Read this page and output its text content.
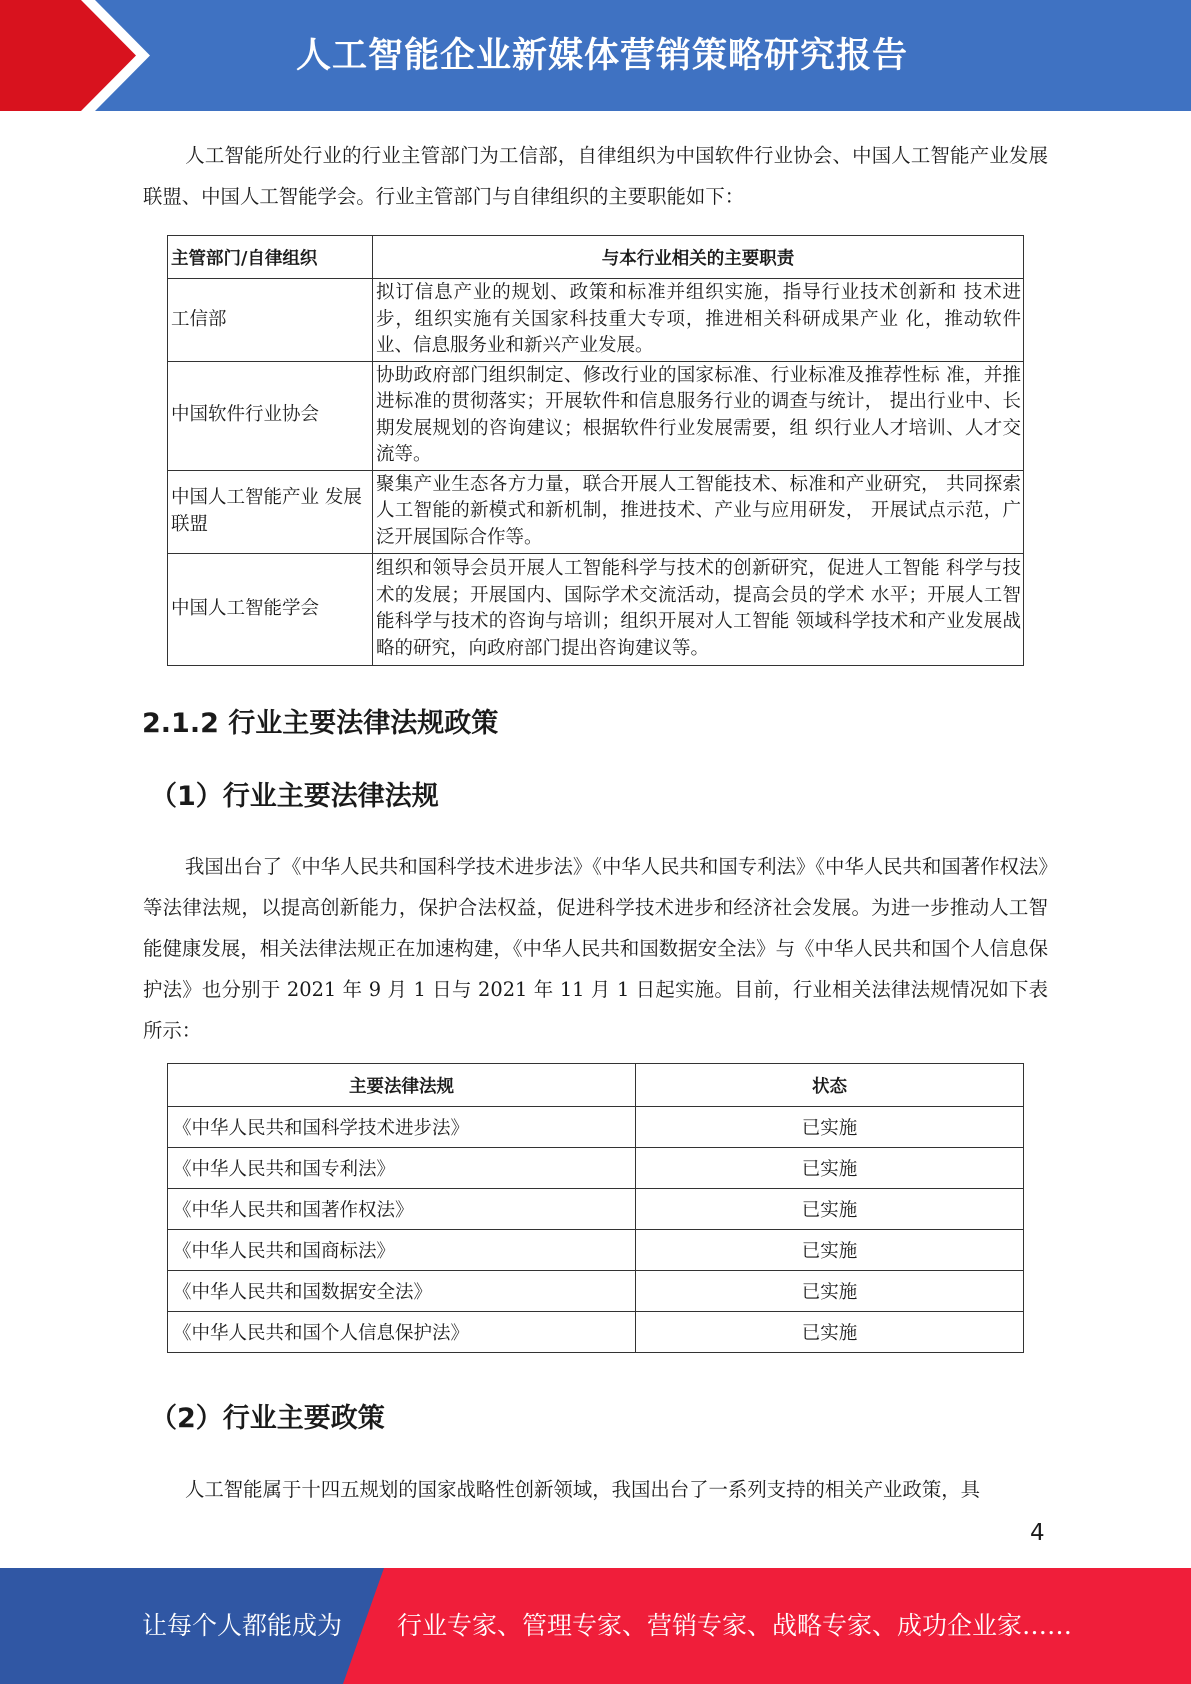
人工智能企业新媒体营销策略研究报告

人工智能所处行业的行业主管部门为工信部，自律组织为中国软件行业协会、中国人工智能产业发展联盟、中国人工智能学会。行业主管部门与自律组织的主要职能如下：

主管部门/自律组织	与本行业相关的主要职责
工信部	拟订信息产业的规划、政策和标准并组织实施，指导行业技术创新和 技术进步，组织实施有关国家科技重大专项，推进相关科研成果产业 化，推动软件业、信息服务业和新兴产业发展。
中国软件行业协会	协助政府部门组织制定、修改行业的国家标准、行业标准及推荐性标 准，并推进标准的贯彻落实；开展软件和信息服务行业的调查与统计， 提出行业中、长期发展规划的咨询建议；根据软件行业发展需要，组 织行业人才培训、人才交流等。
中国人工智能产业 发展联盟	聚集产业生态各方力量，联合开展人工智能技术、标准和产业研究， 共同探索人工智能的新模式和新机制，推进技术、产业与应用研发， 开展试点示范，广泛开展国际合作等。
中国人工智能学会	组织和领导会员开展人工智能科学与技术的创新研究，促进人工智能 科学与技术的发展；开展国内、国际学术交流活动，提高会员的学术 水平；开展人工智能科学与技术的咨询与培训；组织开展对人工智能 领域科学技术和产业发展战略的研究，向政府部门提出咨询建议等。
2.1.2 行业主要法律法规政策
（1）行业主要法律法规

我国出台了《中华人民共和国科学技术进步法》《中华人民共和国专利法》《中华人民共和国著作权法》等法律法规，以提高创新能力，保护合法权益，促进科学技术进步和经济社会发展。为进一步推动人工智能健康发展，相关法律法规正在加速构建，《中华人民共和国数据安全法》与《中华人民共和国个人信息保护法》也分别于 2021 年 9 月 1 日与 2021 年 11 月 1 日起实施。目前，行业相关法律法规情况如下表所示：

主要法律法规	状态
《中华人民共和国科学技术进步法》	已实施
《中华人民共和国专利法》	已实施
《中华人民共和国著作权法》	已实施
《中华人民共和国商标法》	已实施
《中华人民共和国数据安全法》	已实施
《中华人民共和国个人信息保护法》	已实施
（2）行业主要政策

人工智能属于十四五规划的国家战略性创新领域，我国出台了一系列支持的相关产业政策，具

4
让每个人都能成为 行业专家、管理专家、营销专家、战略专家、成功企业家……
